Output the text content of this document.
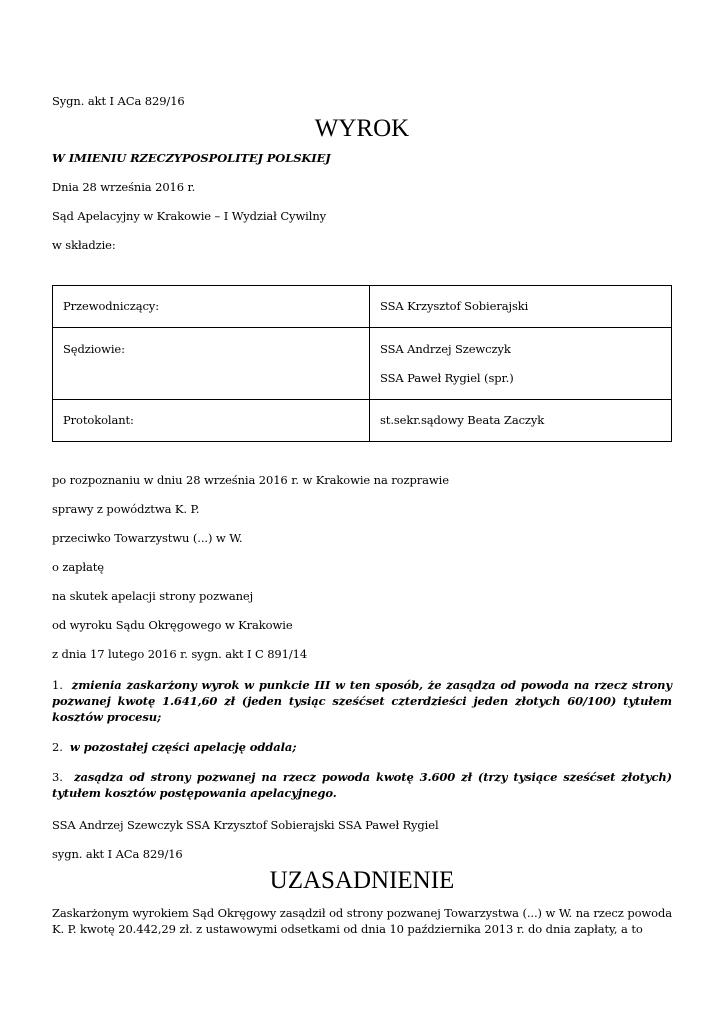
Sygn. akt I ACa 829/16
WYROK
W IMIENIU RZECZYPOSPOLITEJ POLSKIEJ
Dnia 28 września 2016 r.
Sąd Apelacyjny w Krakowie – I Wydział Cywilny
w składzie:
Przewodniczący:	SSA Krzysztof Sobierajski

Sędziowie:	SSA Andrzej Szewczyk
SSA Paweł Rygiel (spr.)

Protokolant:	st.sekr.sądowy Beata Zaczyk
po rozpoznaniu w dniu 28 września 2016 r. w Krakowie na rozprawie
sprawy z powództwa K. P.
przeciwko Towarzystwu (...) w W.
o zapłatę
na skutek apelacji strony pozwanej
od wyroku Sądu Okręgowego w Krakowie
z dnia 17 lutego 2016 r. sygn. akt I C 891/14
1. zmienia zaskarżony wyrok w punkcie III w ten sposób, że zasądza od powoda na rzecz strony pozwanej kwotę 1.641,60 zł (jeden tysiąc sześćset czterdzieści jeden złotych 60/100) tytułem kosztów procesu;
2. w pozostałej części apelację oddala;
3. zasądza od strony pozwanej na rzecz powoda kwotę 3.600 zł (trzy tysiące sześćset złotych) tytułem kosztów postępowania apelacyjnego.
SSA Andrzej Szewczyk SSA Krzysztof Sobierajski SSA Paweł Rygiel
sygn. akt I ACa 829/16
UZASADNIENIE
Zaskarżonym wyrokiem Sąd Okręgowy zasądził od strony pozwanej Towarzystwa (...) w W. na rzecz powoda K. P. kwotę 20.442,29 zł. z ustawowymi odsetkami od dnia 10 października 2013 r. do dnia zapłaty, a to
